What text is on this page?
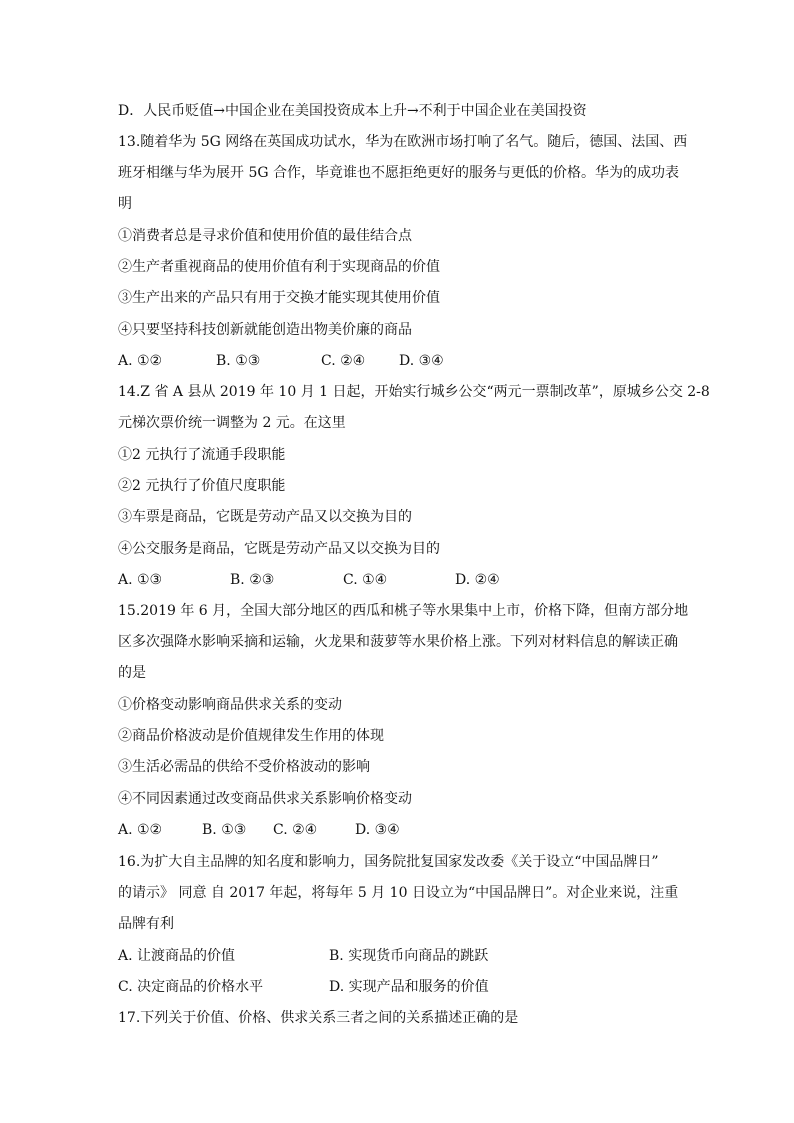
D．人民币贬值→中国企业在美国投资成本上升→不利于中国企业在美国投资
13.随着华为 5G 网络在英国成功试水，华为在欧洲市场打响了名气。随后，德国、法国、西
班牙相继与华为展开 5G 合作，毕竟谁也不愿拒绝更好的服务与更低的价格。华为的成功表
明
①消费者总是寻求价值和使用价值的最佳结合点
②生产者重视商品的使用价值有利于实现商品的价值
③生产出来的产品只有用于交换才能实现其使用价值
④只要坚持科技创新就能创造出物美价廉的商品
A. ①②	B. ①③	C. ②④ D. ③④
14.Z 省 A 县从 2019 年 10 月 1 日起，开始实行城乡公交“两元一票制改革”，原城乡公交 2-8
元梯次票价统一调整为 2 元。在这里
①2 元执行了流通手段职能
②2 元执行了价值尺度职能
③车票是商品，它既是劳动产品又以交换为目的
④公交服务是商品，它既是劳动产品又以交换为目的
A. ①③	B. ②③	C. ①④	D. ②④
15.2019 年 6 月，全国大部分地区的西瓜和桃子等水果集中上市，价格下降，但南方部分地
区多次强降水影响采摘和运输，火龙果和菠萝等水果价格上涨。下列对材料信息的解读正确
的是
①价格变动影响商品供求关系的变动
②商品价格波动是价值规律发生作用的体现
③生活必需品的供给不受价格波动的影响
④不同因素通过改变商品供求关系影响价格变动
A. ①②	B. ①③ C. ②④	D. ③④
16.为扩大自主品牌的知名度和影响力，国务院批复国家发改委《关于设立“中国品牌日”
的请示》 同意 自 2017 年起，将每年 5 月 10 日设立为“中国品牌日”。对企业来说，注重
品牌有利
A. 让渡商品的价值	B. 实现货币向商品的跳跃
C. 决定商品的价格水平	D. 实现产品和服务的价值
17.下列关于价值、价格、供求关系三者之间的关系描述正确的是
